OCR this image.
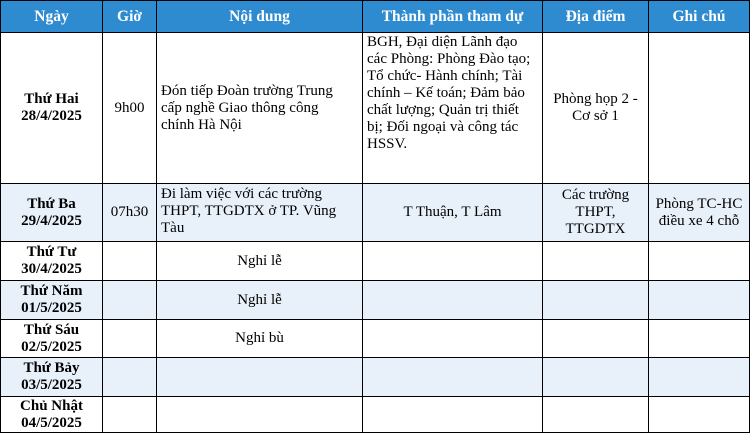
Ngày	Giờ	Nội dung	Thành phần tham dự	Địa điểm	Ghi chú
Thứ Hai
28/4/2025	9h00	Đón tiếp Đoàn trường Trung cấp nghề Giao thông công chính Hà Nội	BGH, Đại diện Lãnh đạo các Phòng: Phòng Đào tạo; Tổ chức- Hành chính; Tài chính – Kế toán; Đảm bảo chất lượng; Quản trị thiết bị; Đối ngoại và công tác HSSV.	Phòng họp 2 - Cơ sở 1	
Thứ Ba
29/4/2025	07h30	Đi làm việc với các trường THPT, TTGDTX ở TP. Vũng Tàu	T Thuận, T Lâm	Các trường THPT, TTGDTX	Phòng TC-HC điều xe 4 chỗ
Thứ Tư
30/4/2025		Nghỉ lễ			
Thứ Năm
01/5/2025		Nghỉ lễ			
Thứ Sáu
02/5/2025		Nghỉ bù			
Thứ Bảy
03/5/2025					
Chủ Nhật
04/5/2025					
